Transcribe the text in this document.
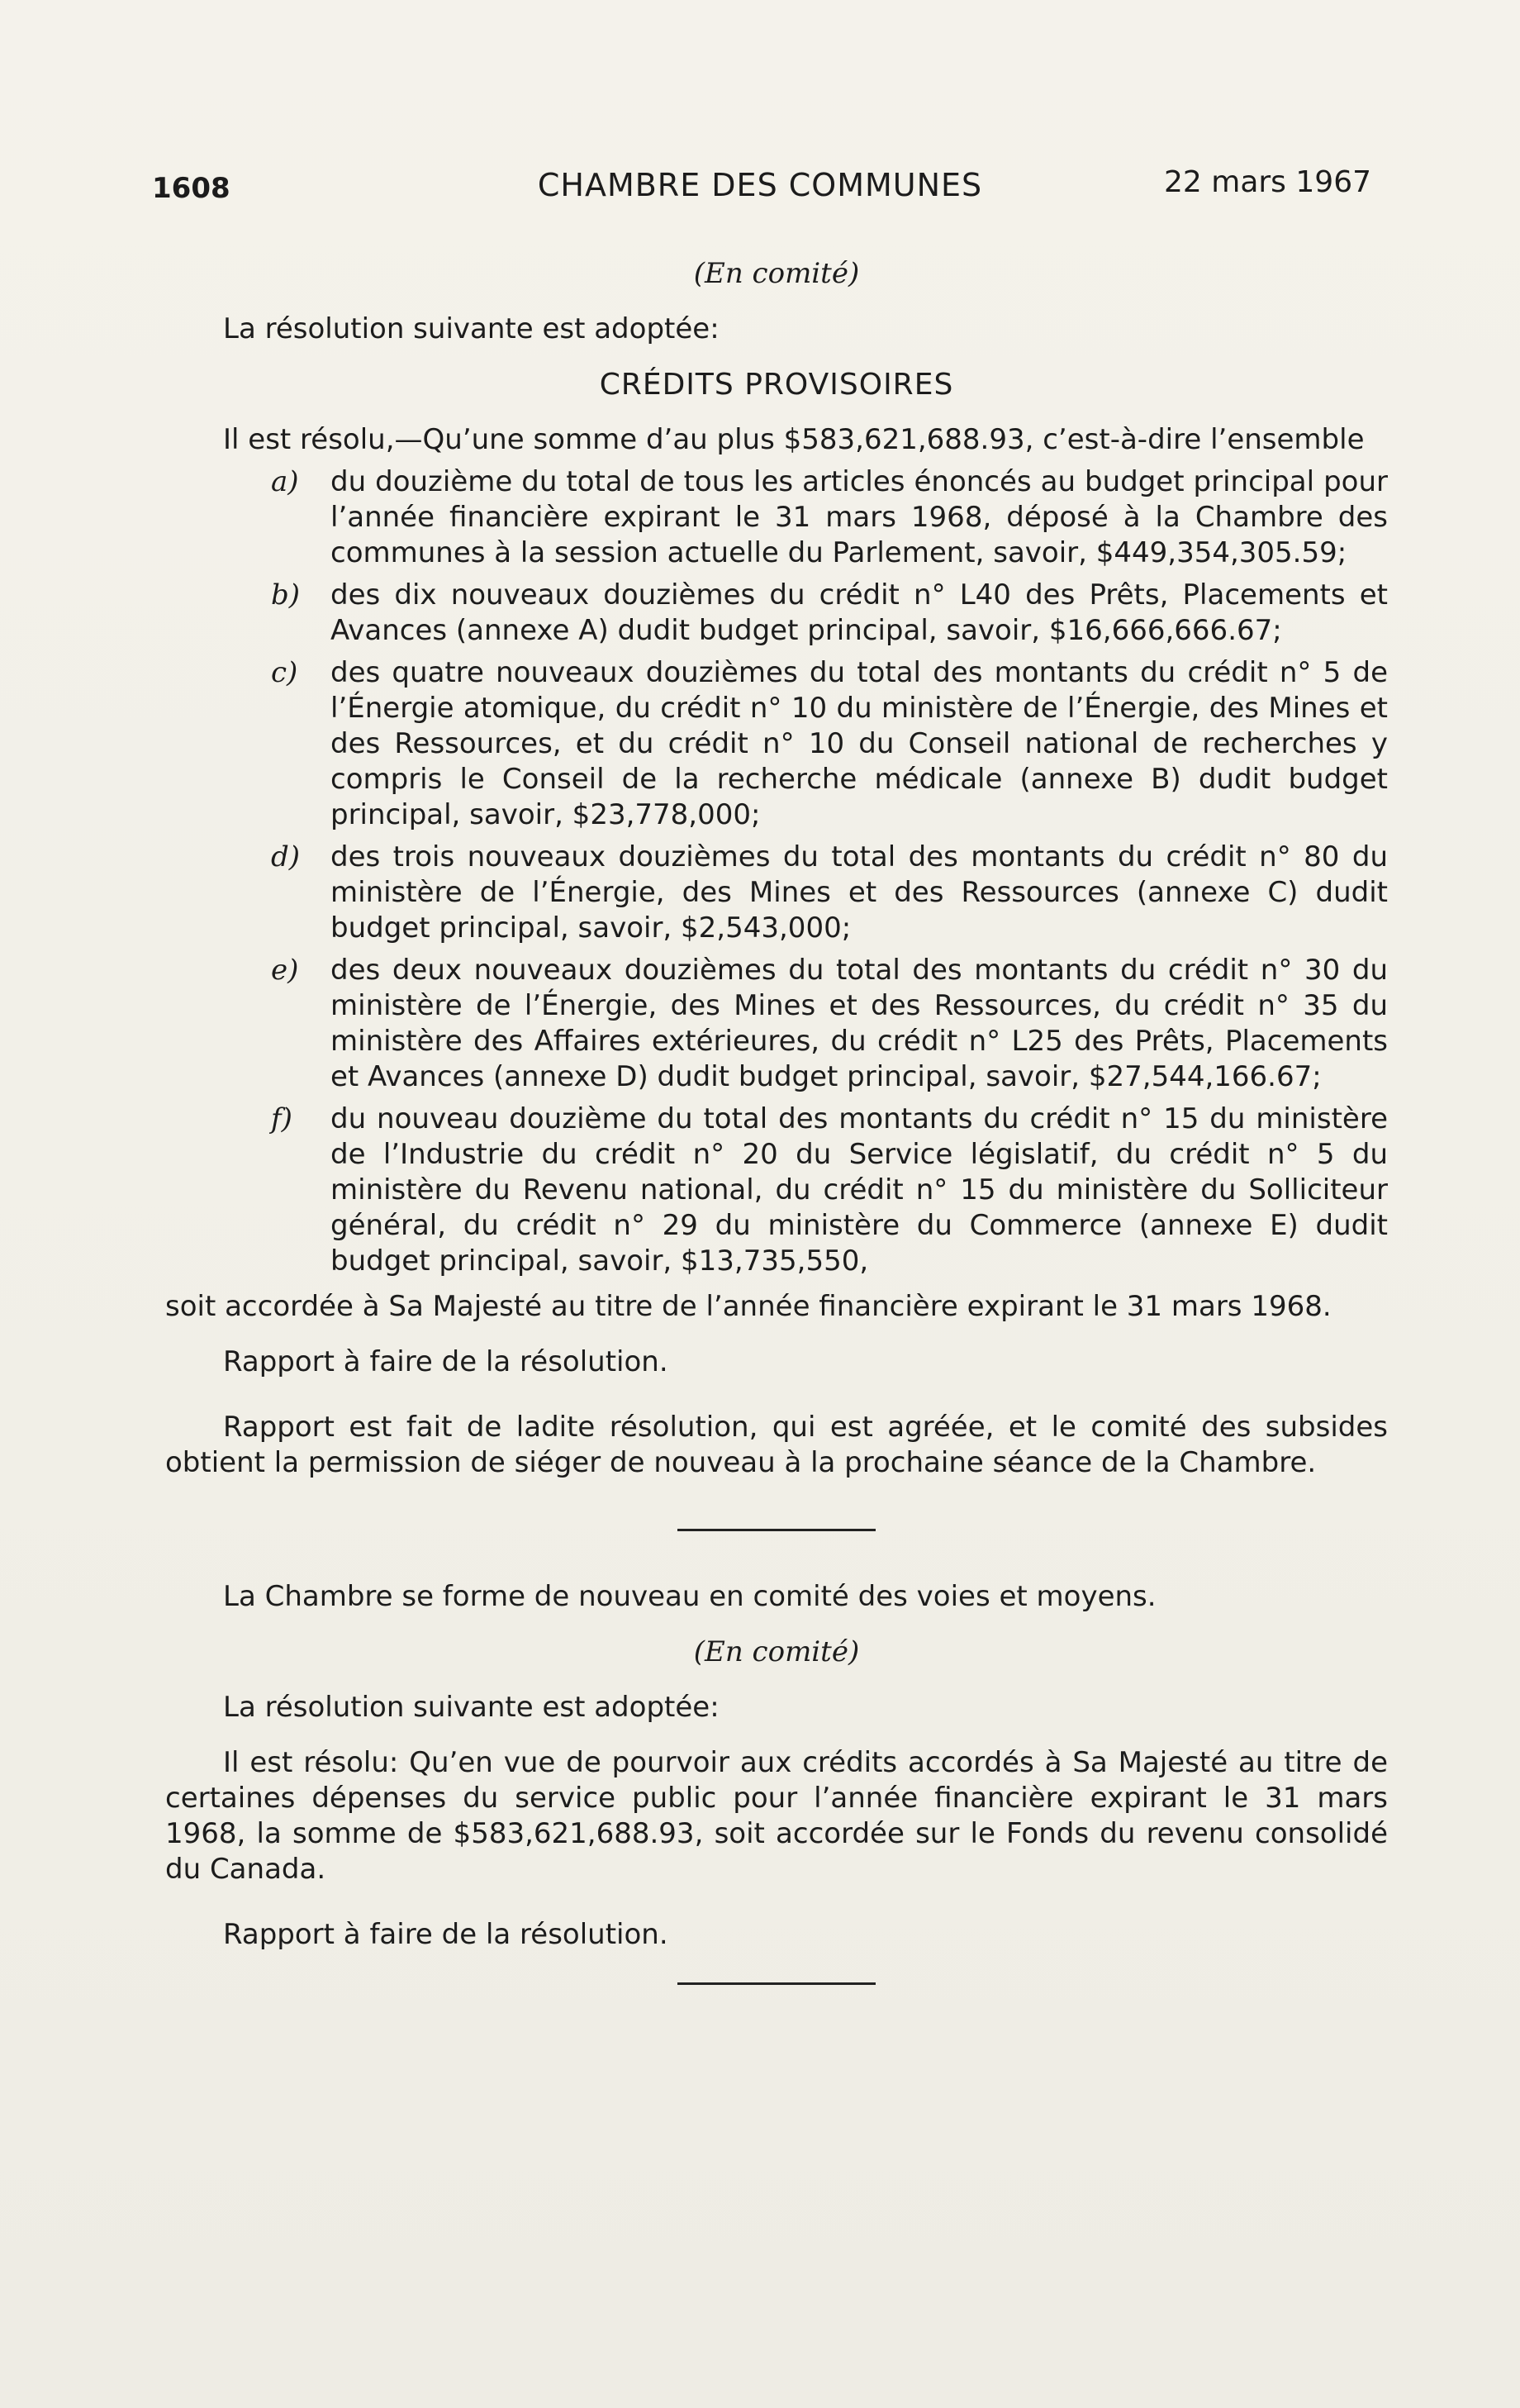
1608	CHAMBRE DES COMMUNES	22 mars 1967

(En comité)

La résolution suivante est adoptée:

CRÉDITS PROVISOIRES

Il est résolu,—Qu’une somme d’au plus $583,621,688.93, c’est-à-dire l’ensemble

a) du douzième du total de tous les articles énoncés au budget principal pour l’année financière expirant le 31 mars 1968, déposé à la Chambre des communes à la session actuelle du Parlement, savoir, $449,354,305.59;
b) des dix nouveaux douzièmes du crédit n° L40 des Prêts, Placements et Avances (annexe A) dudit budget principal, savoir, $16,666,666.67;
c) des quatre nouveaux douzièmes du total des montants du crédit n° 5 de l’Énergie atomique, du crédit n° 10 du ministère de l’Énergie, des Mines et des Ressources, et du crédit n° 10 du Conseil national de recherches y compris le Conseil de la recherche médicale (annexe B) dudit budget principal, savoir, $23,778,000;
d) des trois nouveaux douzièmes du total des montants du crédit n° 80 du ministère de l’Énergie, des Mines et des Ressources (annexe C) dudit budget principal, savoir, $2,543,000;
e) des deux nouveaux douzièmes du total des montants du crédit n° 30 du ministère de l’Énergie, des Mines et des Ressources, du crédit n° 35 du ministère des Affaires extérieures, du crédit n° L25 des Prêts, Placements et Avances (annexe D) dudit budget principal, savoir, $27,544,166.67;
f) du nouveau douzième du total des montants du crédit n° 15 du ministère de l’Industrie du crédit n° 20 du Service législatif, du crédit n° 5 du ministère du Revenu national, du crédit n° 15 du ministère du Solliciteur général, du crédit n° 29 du ministère du Commerce (annexe E) dudit budget principal, savoir, $13,735,550,

soit accordée à Sa Majesté au titre de l’année financière expirant le 31 mars 1968.

Rapport à faire de la résolution.

Rapport est fait de ladite résolution, qui est agréée, et le comité des subsides obtient la permission de siéger de nouveau à la prochaine séance de la Chambre.

La Chambre se forme de nouveau en comité des voies et moyens.

(En comité)

La résolution suivante est adoptée:

Il est résolu: Qu’en vue de pourvoir aux crédits accordés à Sa Majesté au titre de certaines dépenses du service public pour l’année financière expirant le 31 mars 1968, la somme de $583,621,688.93, soit accordée sur le Fonds du revenu consolidé du Canada.

Rapport à faire de la résolution.
